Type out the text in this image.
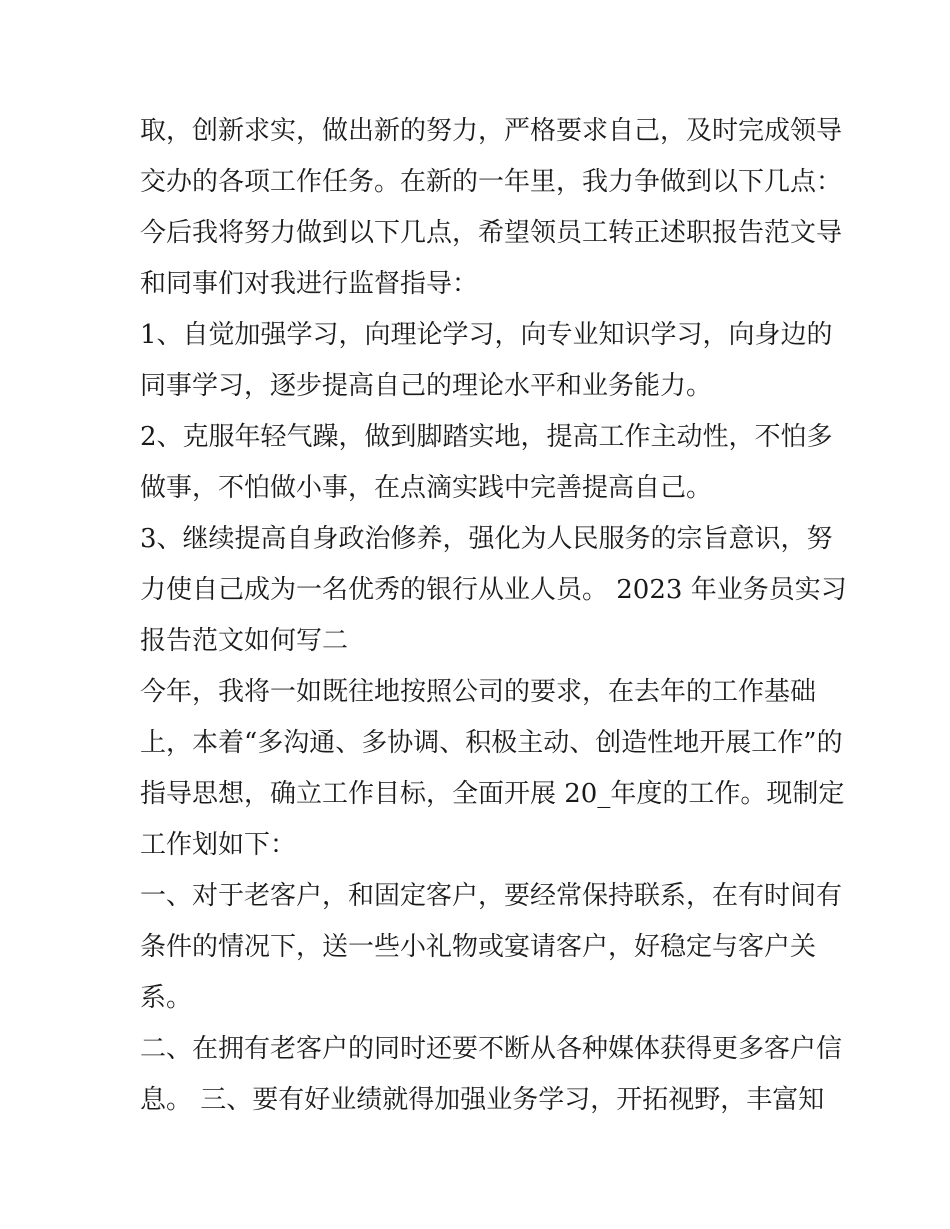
取，创新求实，做出新的努力，严格要求自己，及时完成领导
交办的各项工作任务。在新的一年里，我力争做到以下几点：
今后我将努力做到以下几点，希望领员工转正述职报告范文导
和同事们对我进行监督指导：
1、自觉加强学习，向理论学习，向专业知识学习，向身边的
同事学习，逐步提高自己的理论水平和业务能力。
2、克服年轻气躁，做到脚踏实地，提高工作主动性，不怕多
做事，不怕做小事，在点滴实践中完善提高自己。
3、继续提高自身政治修养，强化为人民服务的宗旨意识，努
力使自己成为一名优秀的银行从业人员。 2023 年业务员实习
报告范文如何写二
今年，我将一如既往地按照公司的要求，在去年的工作基础
上，本着“多沟通、多协调、积极主动、创造性地开展工作”的
指导思想，确立工作目标，全面开展 20_年度的工作。现制定
工作划如下：
一、对于老客户，和固定客户，要经常保持联系，在有时间有
条件的情况下，送一些小礼物或宴请客户，好稳定与客户关
系。
二、在拥有老客户的同时还要不断从各种媒体获得更多客户信
息。 三、要有好业绩就得加强业务学习，开拓视野，丰富知
